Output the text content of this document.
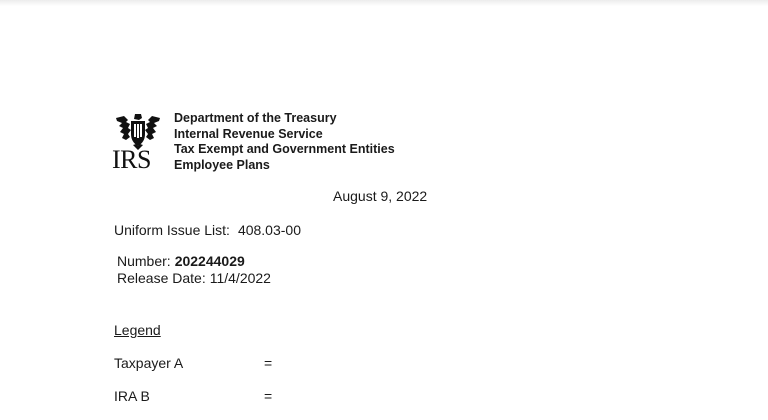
IRS
Department of the Treasury
Internal Revenue Service
Tax Exempt and Government Entities
Employee Plans
August 9, 2022
Uniform Issue List: 408.03-00
Number: 202244029
Release Date: 11/4/2022
Legend
Taxpayer A	=
IRA B	=
